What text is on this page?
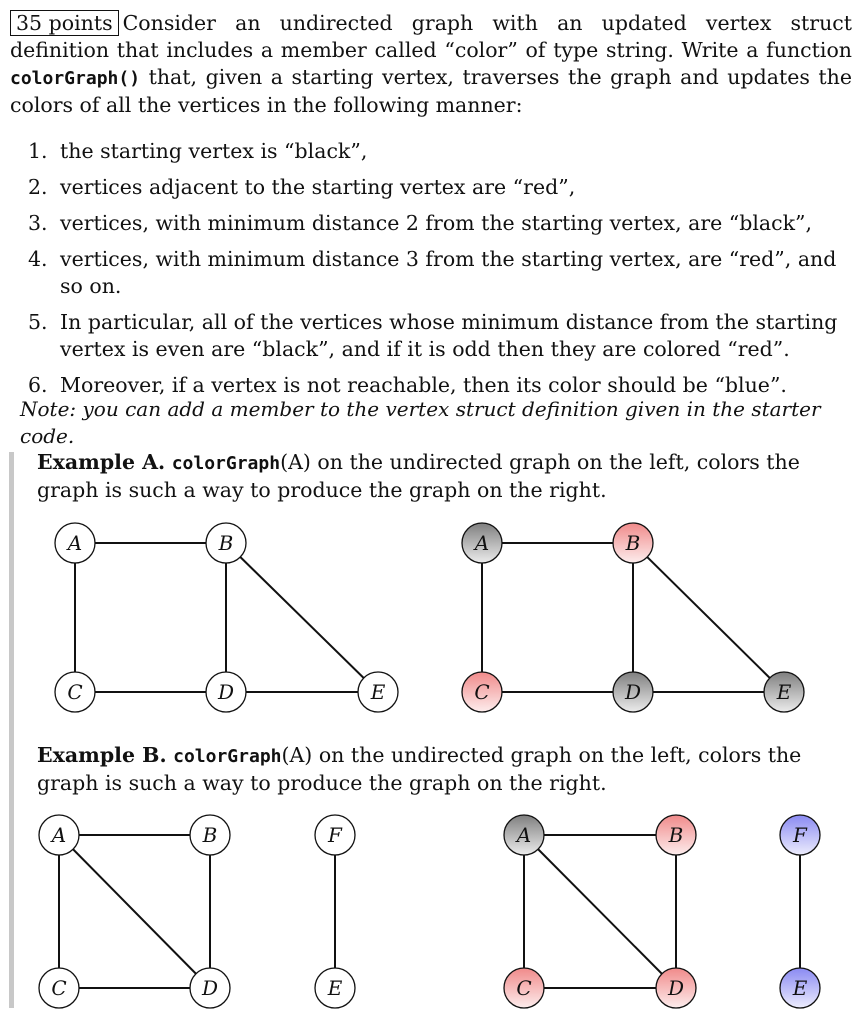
35 points Consider an undirected graph with an updated vertex struct definition that includes a member called “color” of type string. Write a function colorGraph() that, given a starting vertex, traverses the graph and updates the colors of all the vertices in the following manner:
1. the starting vertex is “black”,
2. vertices adjacent to the starting vertex are “red”,
3. vertices, with minimum distance 2 from the starting vertex, are “black”,
4. vertices, with minimum distance 3 from the starting vertex, are “red”, and so on.
5. In particular, all of the vertices whose minimum distance from the starting vertex is even are “black”, and if it is odd then they are colored “red”.
6. Moreover, if a vertex is not reachable, then its color should be “blue”.
Note: you can add a member to the vertex struct definition given in the starter code.
Example A. colorGraph(A) on the undirected graph on the left, colors the graph is such a way to produce the graph on the right.
A	B
C	D	E
A	B
C	D	E
Example B. colorGraph(A) on the undirected graph on the left, colors the graph is such a way to produce the graph on the right.
A	B
C	D	E
F	A	B
C	D	E
F
